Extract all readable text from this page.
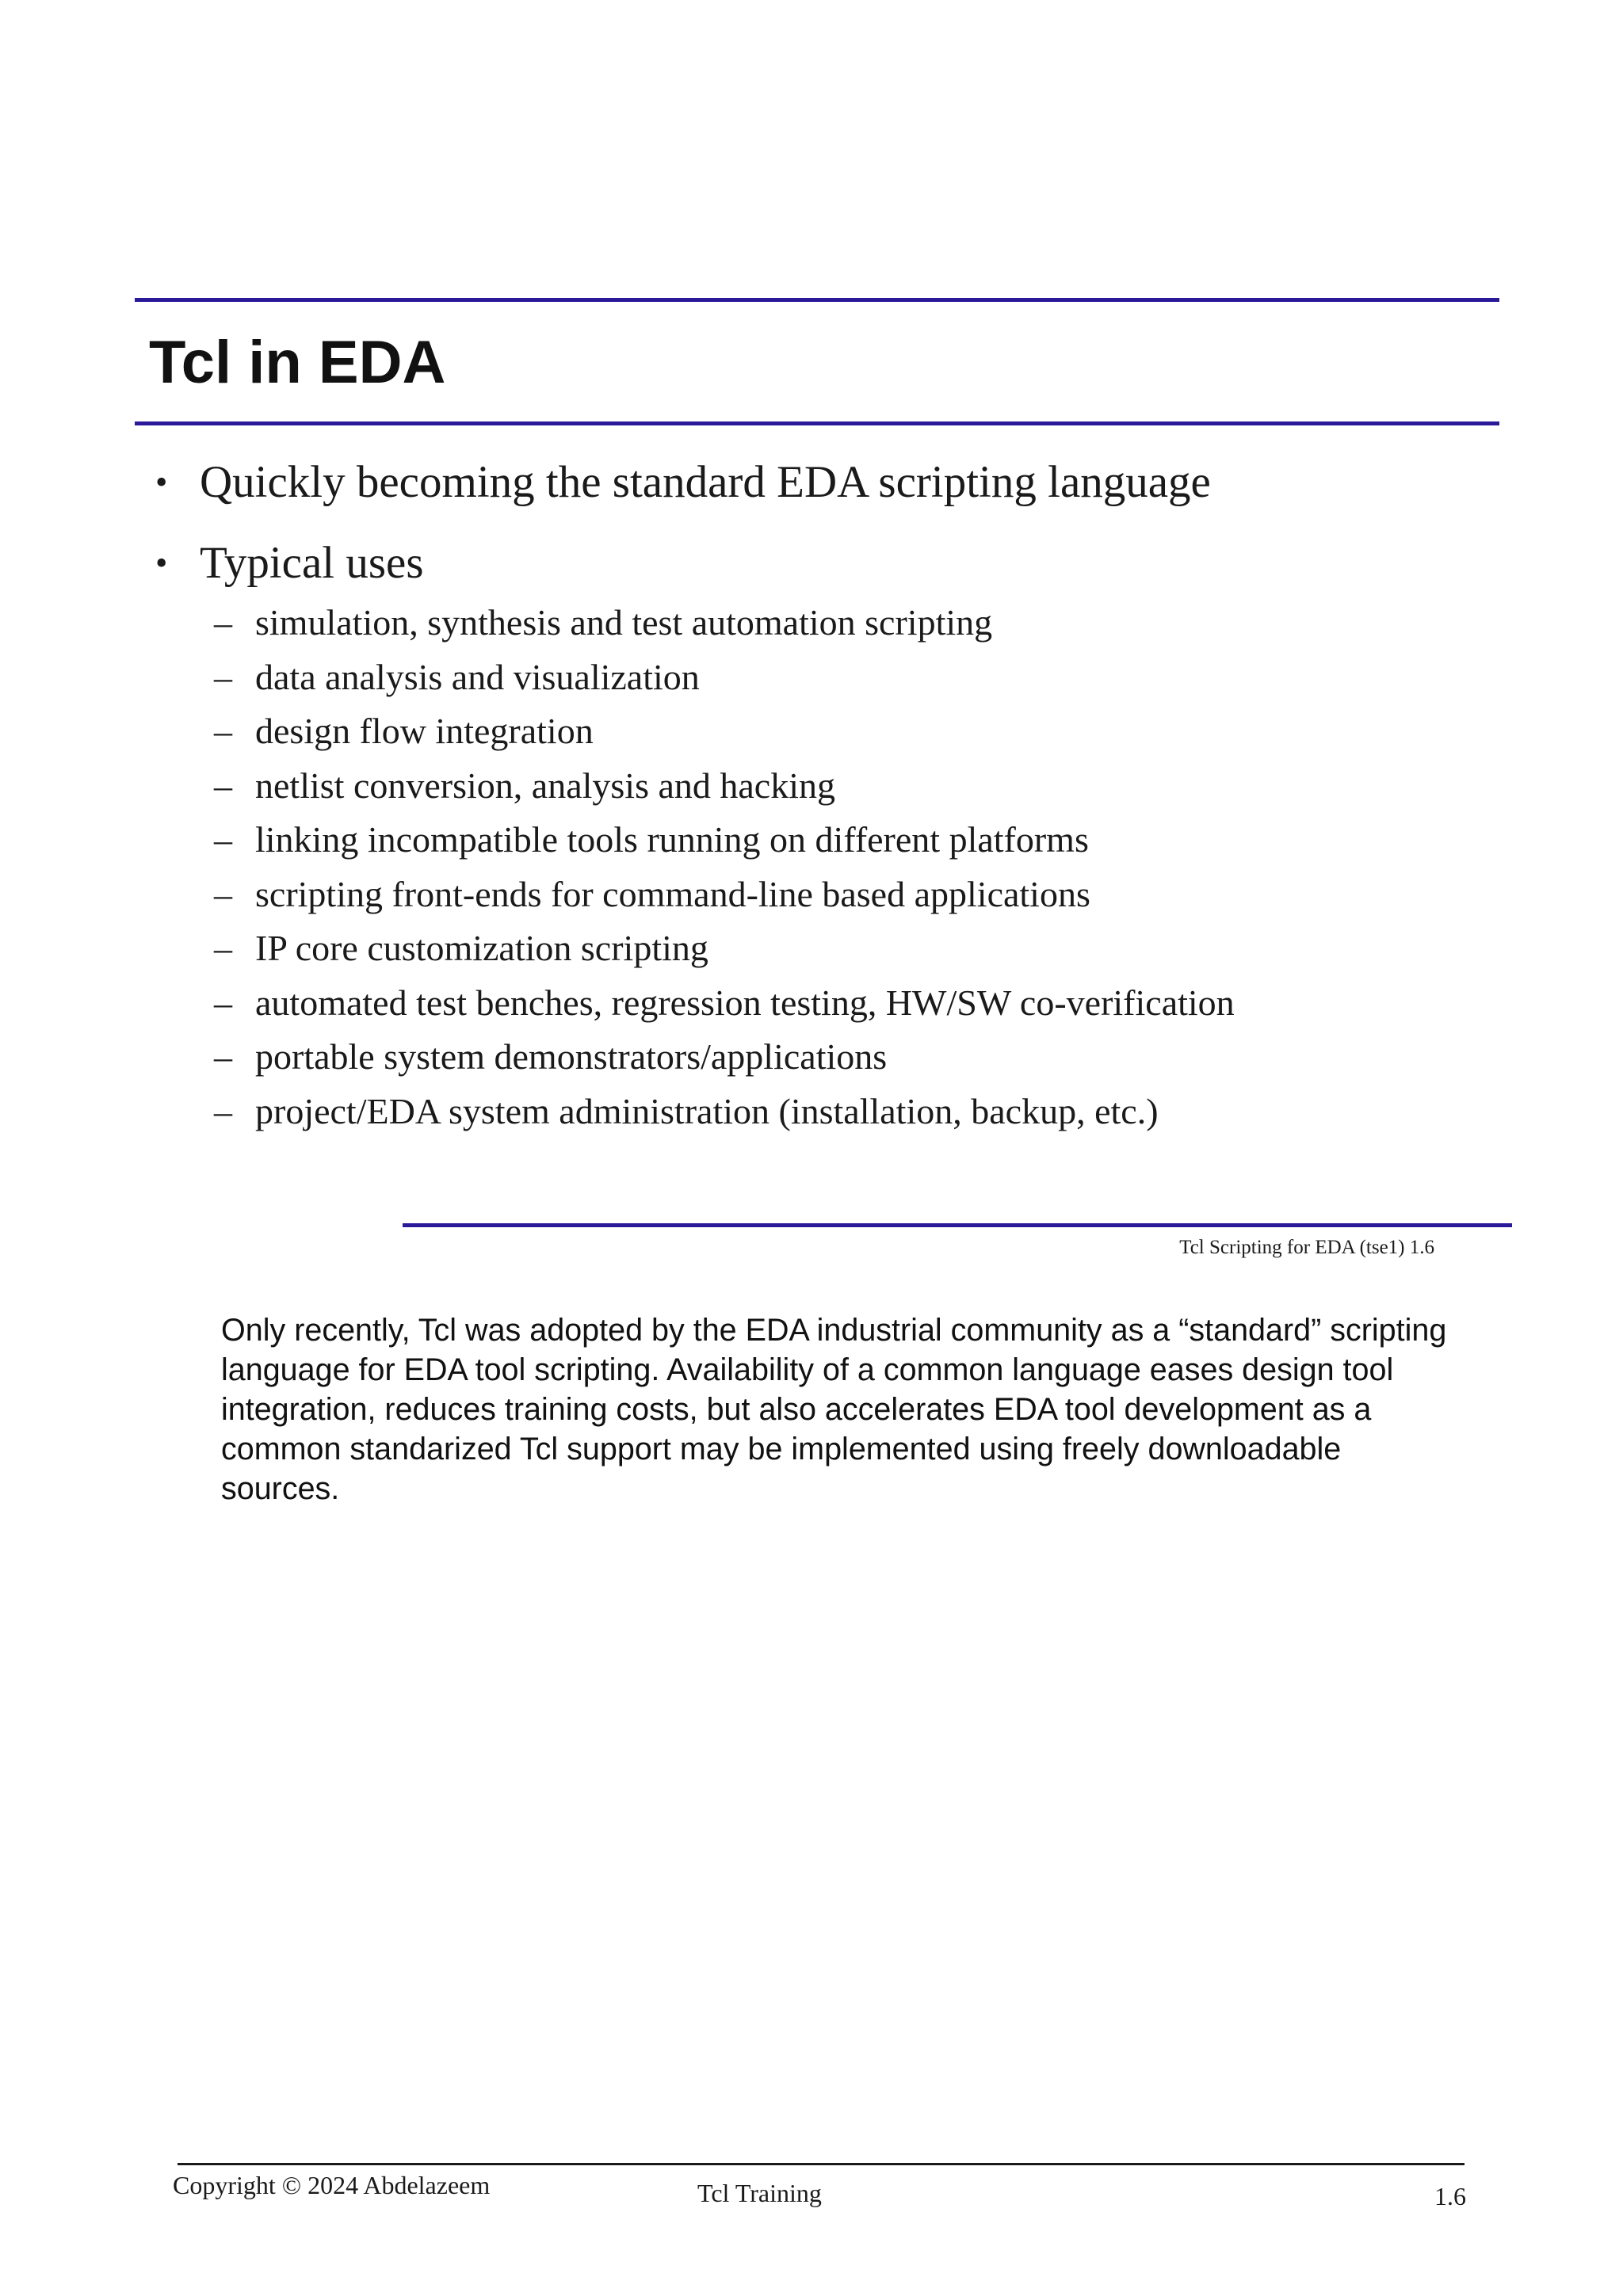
Tcl in EDA
• Quickly becoming the standard EDA scripting language
• Typical uses
– simulation, synthesis and test automation scripting
– data analysis and visualization
– design flow integration
– netlist conversion, analysis and hacking
– linking incompatible tools running on different platforms
– scripting front-ends for command-line based applications
– IP core customization scripting
– automated test benches, regression testing, HW/SW co-verification
– portable system demonstrators/applications
– project/EDA system administration (installation, backup, etc.)
Tcl Scripting for EDA (tse1) 1.6
Only recently, Tcl was adopted by the EDA industrial community as a “standard” scripting language for EDA tool scripting. Availability of a common language eases design tool integration, reduces training costs, but also accelerates EDA tool development as a common standarized Tcl support may be implemented using freely downloadable sources.
Copyright © 2024 Abdelazeem	Tcl Training	1.6
